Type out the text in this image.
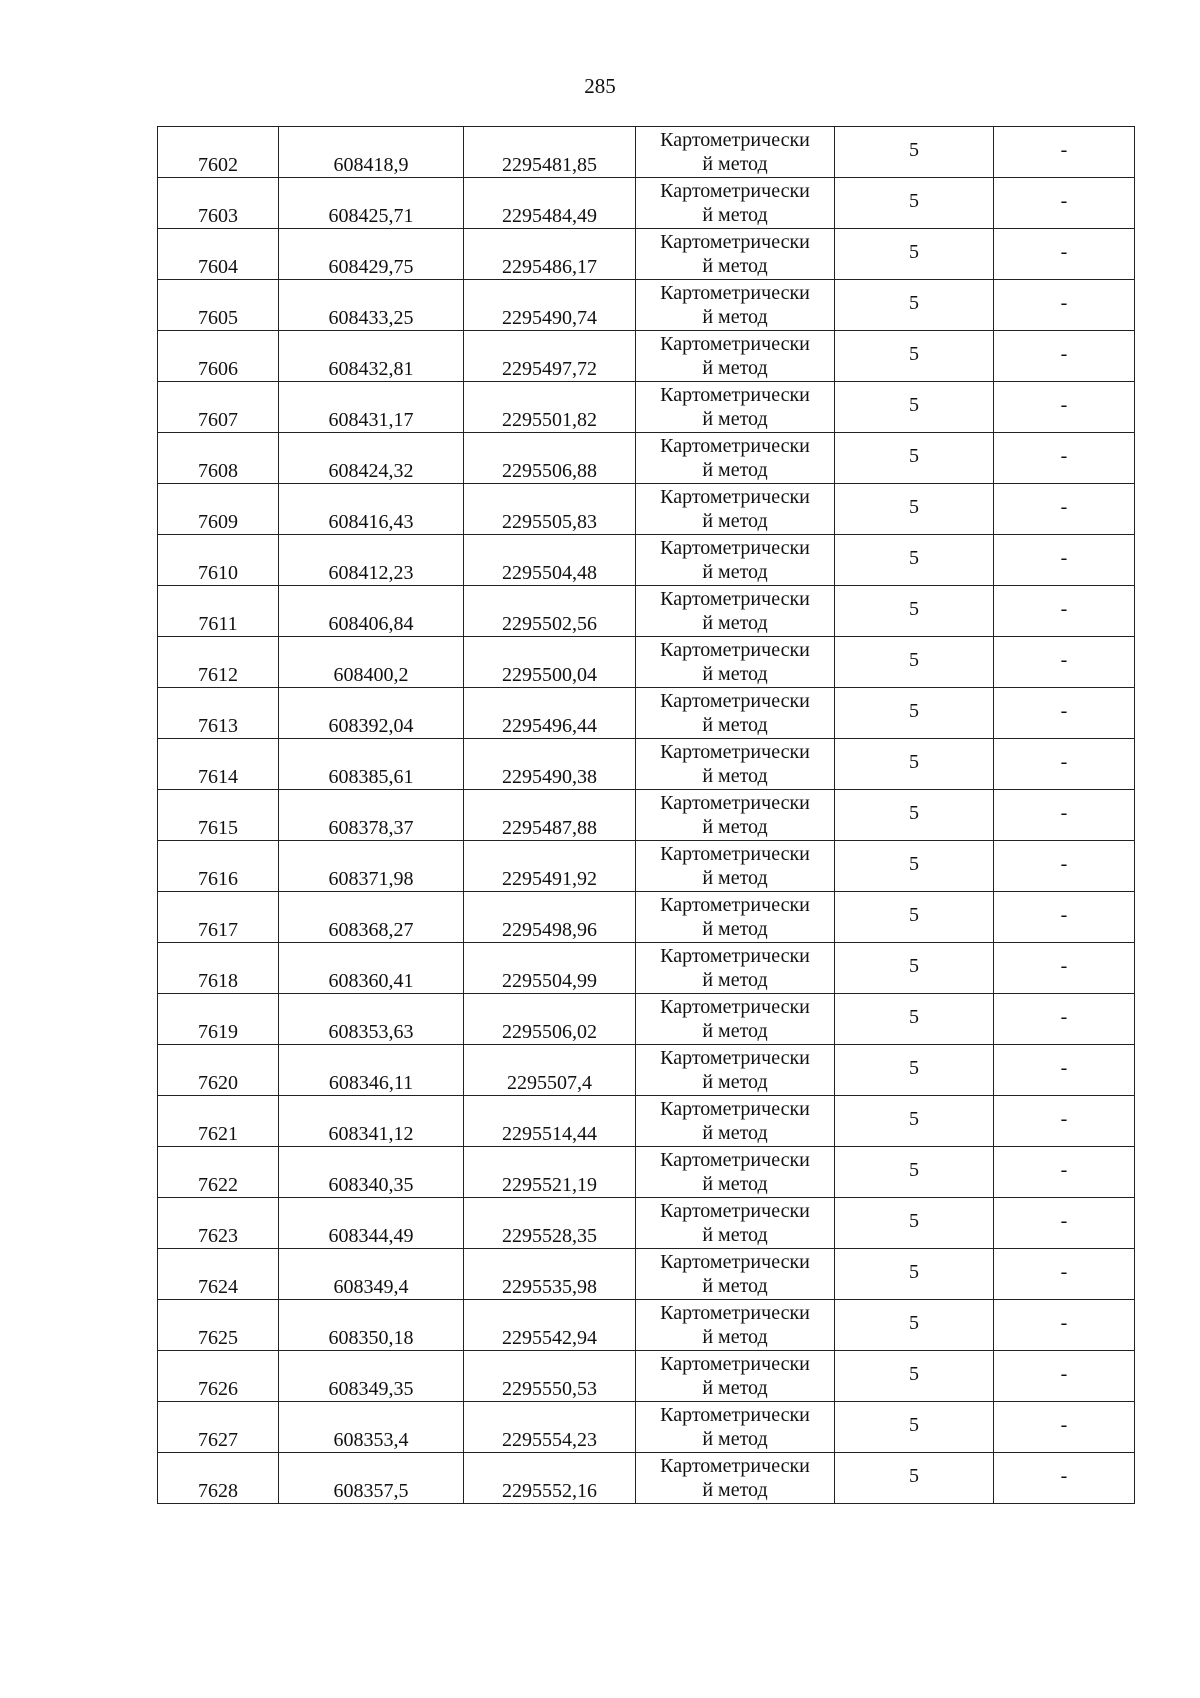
285
7602	608418,9	2295481,85	Картометрически
й метод	5	-
7603	608425,71	2295484,49	Картометрически
й метод	5	-
7604	608429,75	2295486,17	Картометрически
й метод	5	-
7605	608433,25	2295490,74	Картометрически
й метод	5	-
7606	608432,81	2295497,72	Картометрически
й метод	5	-
7607	608431,17	2295501,82	Картометрически
й метод	5	-
7608	608424,32	2295506,88	Картометрически
й метод	5	-
7609	608416,43	2295505,83	Картометрически
й метод	5	-
7610	608412,23	2295504,48	Картометрически
й метод	5	-
7611	608406,84	2295502,56	Картометрически
й метод	5	-
7612	608400,2	2295500,04	Картометрически
й метод	5	-
7613	608392,04	2295496,44	Картометрически
й метод	5	-
7614	608385,61	2295490,38	Картометрически
й метод	5	-
7615	608378,37	2295487,88	Картометрически
й метод	5	-
7616	608371,98	2295491,92	Картометрически
й метод	5	-
7617	608368,27	2295498,96	Картометрически
й метод	5	-
7618	608360,41	2295504,99	Картометрически
й метод	5	-
7619	608353,63	2295506,02	Картометрически
й метод	5	-
7620	608346,11	2295507,4	Картометрически
й метод	5	-
7621	608341,12	2295514,44	Картометрически
й метод	5	-
7622	608340,35	2295521,19	Картометрически
й метод	5	-
7623	608344,49	2295528,35	Картометрически
й метод	5	-
7624	608349,4	2295535,98	Картометрически
й метод	5	-
7625	608350,18	2295542,94	Картометрически
й метод	5	-
7626	608349,35	2295550,53	Картометрически
й метод	5	-
7627	608353,4	2295554,23	Картометрически
й метод	5	-
7628	608357,5	2295552,16	Картометрически
й метод	5	-
